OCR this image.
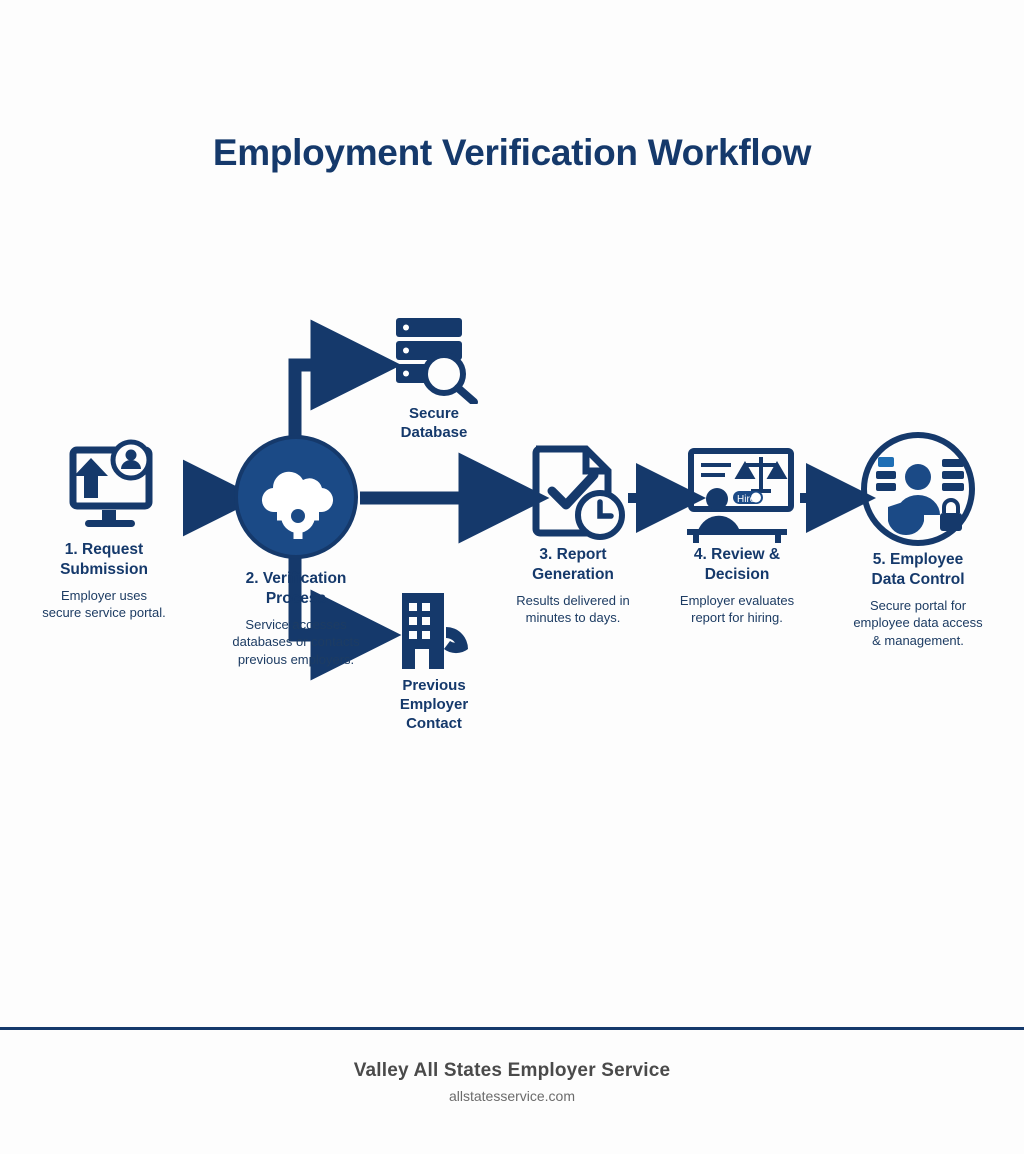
Employment Verification Workflow
1. Request
Submission
Employer uses
secure service portal.
2. Verification
Process
Service accesses
databases or contacts
previous employers.
Secure
Database
Previous
Employer
Contact
3. Report
Generation
Results delivered in
minutes to days.
Hire
4. Review &
Decision
Employer evaluates
report for hiring.
5. Employee
Data Control
Secure portal for
employee data access
& management.
Valley All States Employer Service
allstatesservice.com
